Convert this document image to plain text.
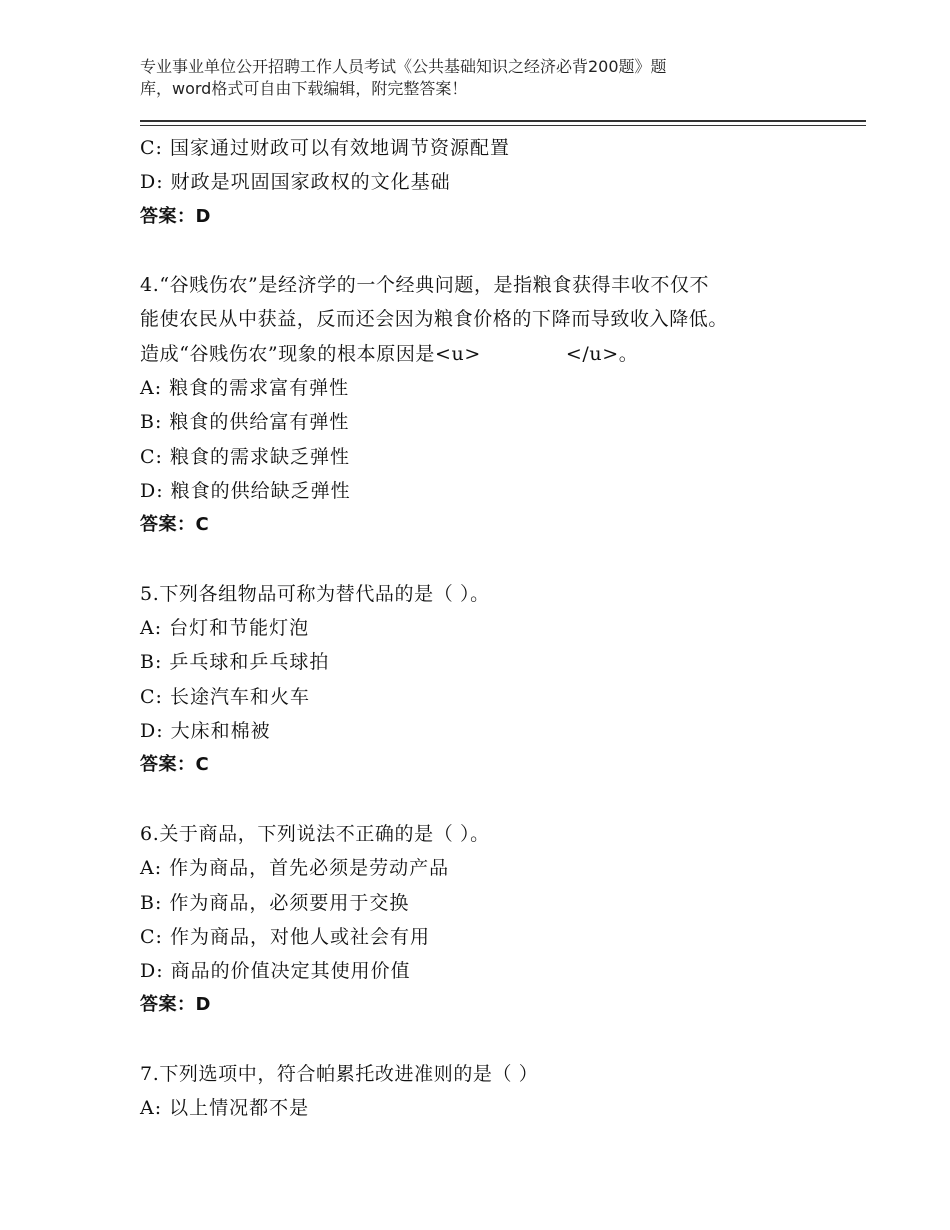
专业事业单位公开招聘工作人员考试《公共基础知识之经济必背200题》题
库，word格式可自由下载编辑，附完整答案！
C: 国家通过财政可以有效地调节资源配置
D: 财政是巩固国家政权的文化基础
答案：D
4.“谷贱伤农”是经济学的一个经典问题，是指粮食获得丰收不仅不
能使农民从中获益，反而还会因为粮食价格的下降而导致收入降低。
造成“谷贱伤农”现象的根本原因是<u>	</u>。
A: 粮食的需求富有弹性
B: 粮食的供给富有弹性
C: 粮食的需求缺乏弹性
D: 粮食的供给缺乏弹性
答案：C
5.下列各组物品可称为替代品的是（ ）。
A: 台灯和节能灯泡
B: 乒乓球和乒乓球拍
C: 长途汽车和火车
D: 大床和棉被
答案：C
6.关于商品，下列说法不正确的是（ ）。
A: 作为商品，首先必须是劳动产品
B: 作为商品，必须要用于交换
C: 作为商品，对他人或社会有用
D: 商品的价值决定其使用价值
答案：D
7.下列选项中，符合帕累托改进准则的是（ ）
A: 以上情况都不是
